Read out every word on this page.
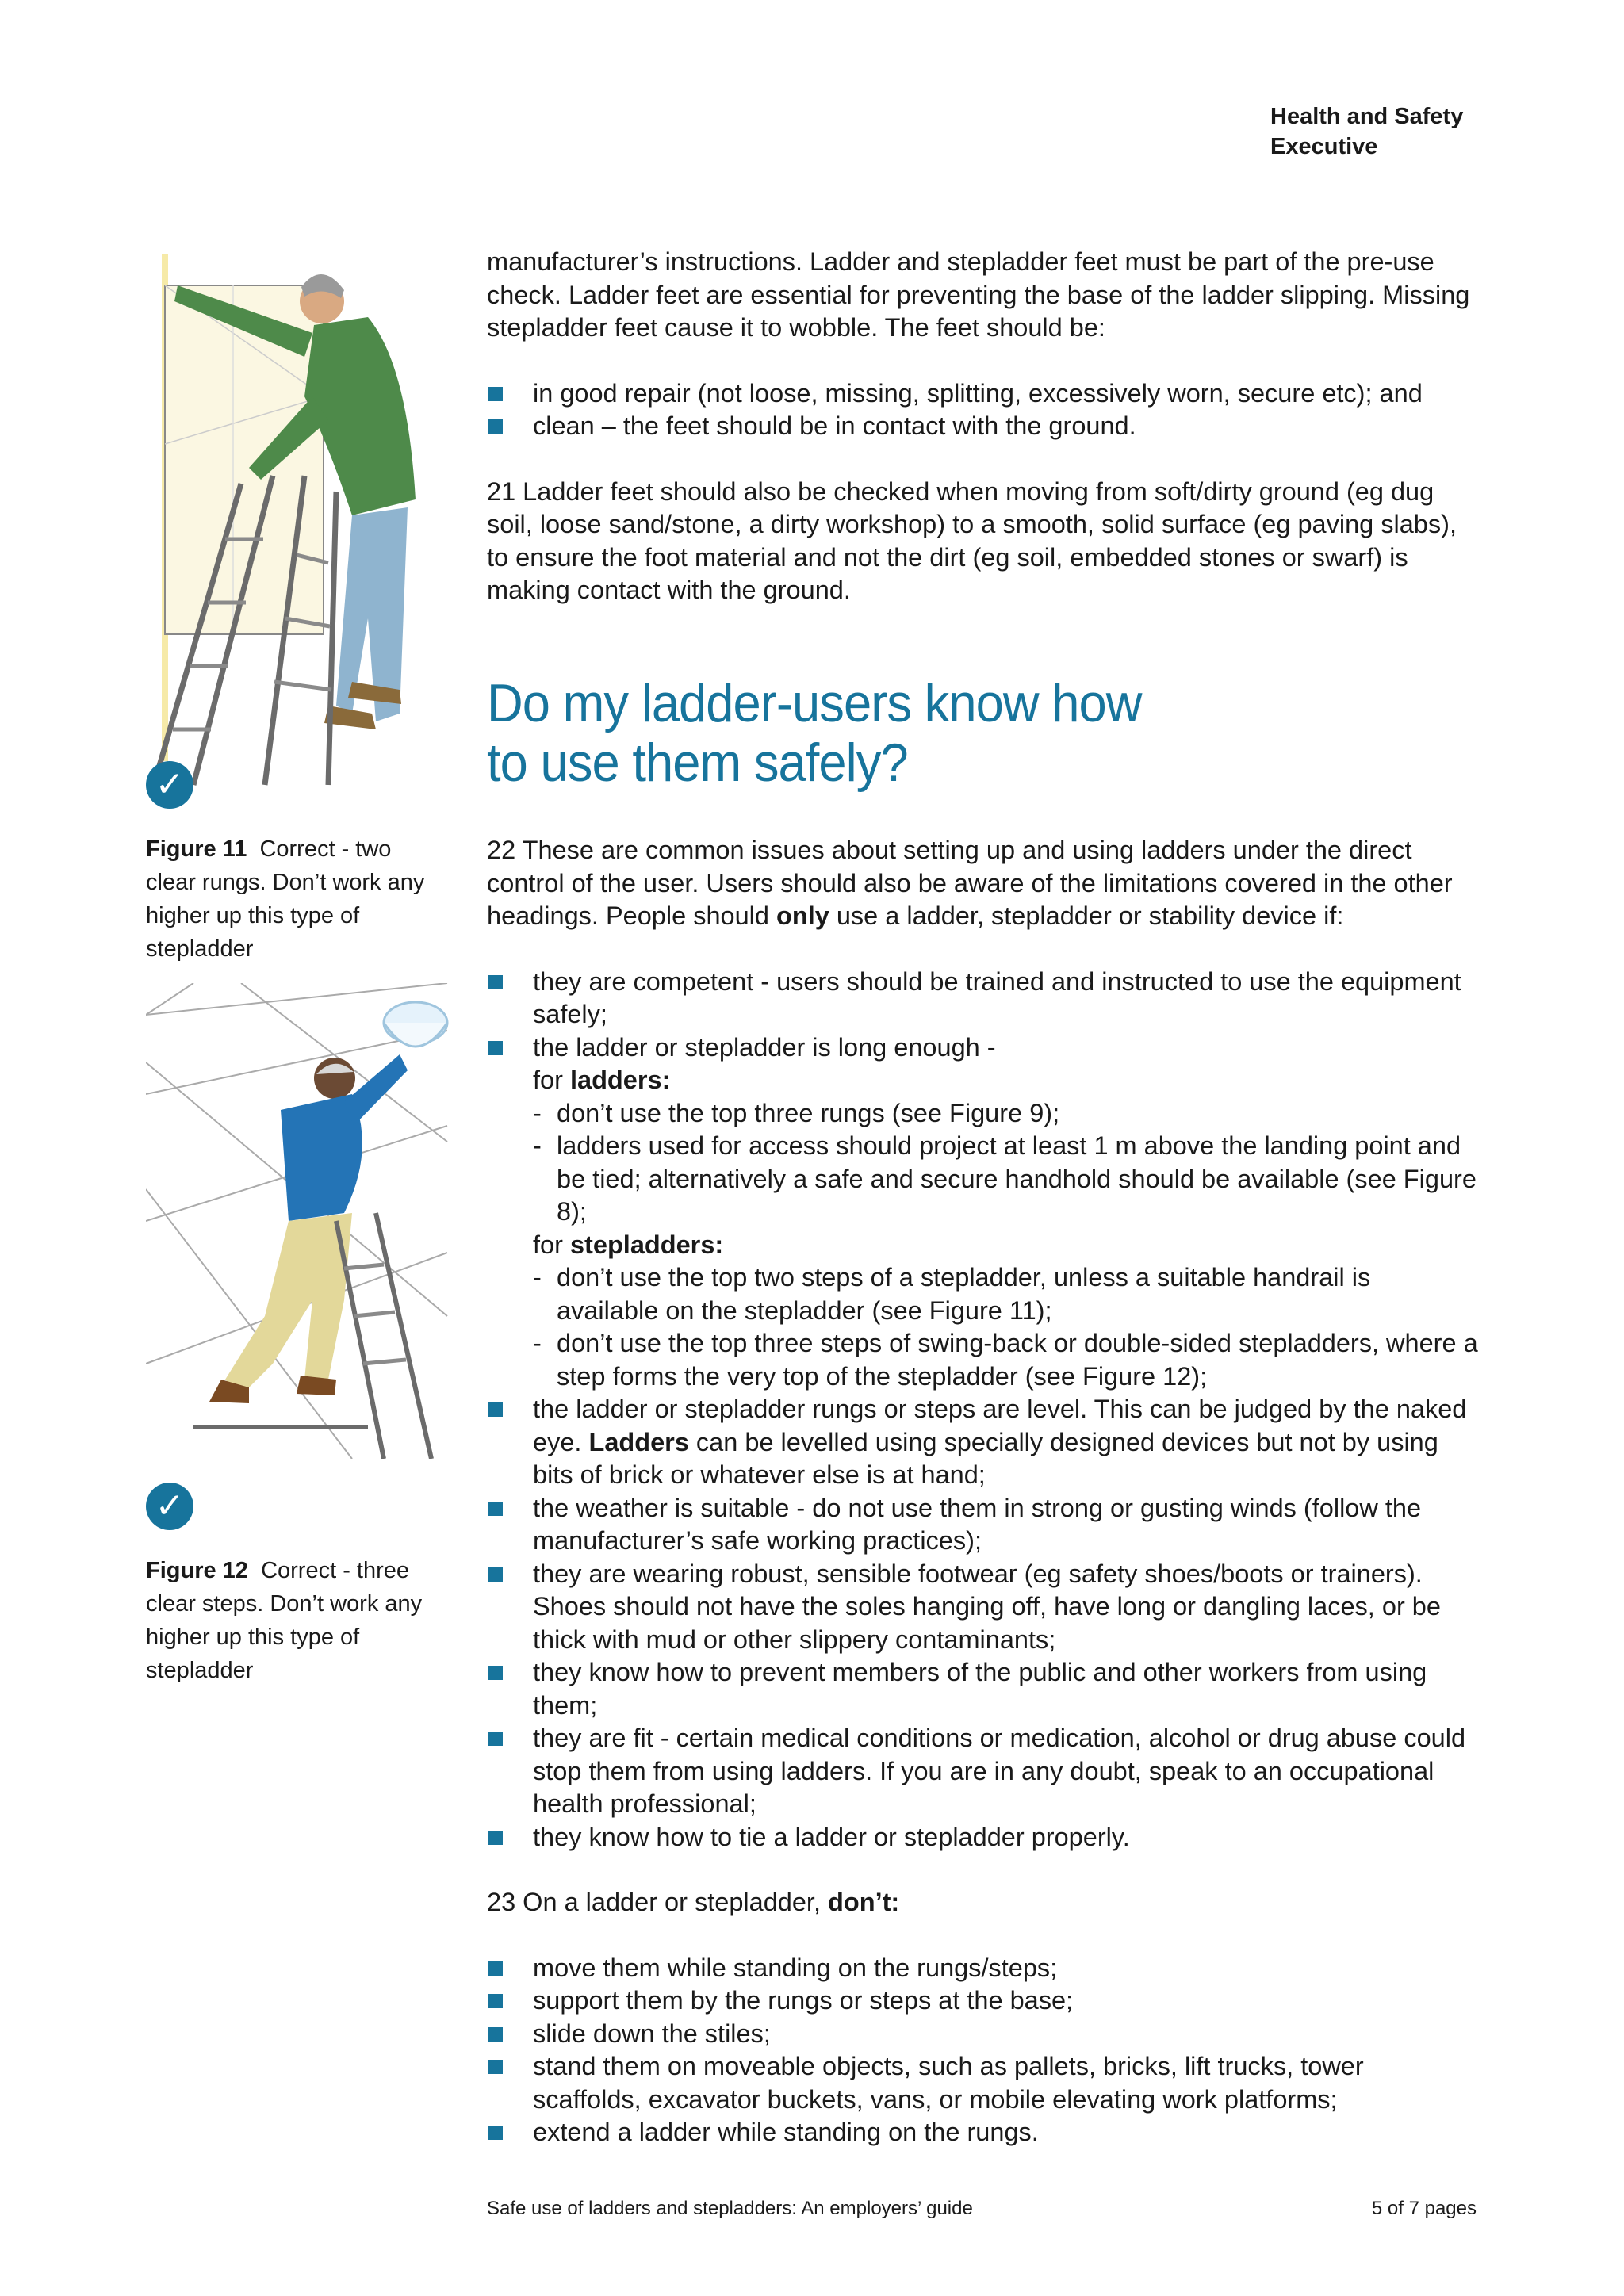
Health and Safety
Executive
✓
Figure 11 Correct - two clear rungs. Don’t work any higher up this type of stepladder
✓
Figure 12 Correct - three clear steps. Don’t work any higher up this type of stepladder

manufacturer’s instructions. Ladder and stepladder feet must be part of the pre-use check. Ladder feet are essential for preventing the base of the ladder slipping. Missing stepladder feet cause it to wobble. The feet should be:

in good repair (not loose, missing, splitting, excessively worn, secure etc); and
clean – the feet should be in contact with the ground.

21 Ladder feet should also be checked when moving from soft/dirty ground (eg dug soil, loose sand/stone, a dirty workshop) to a smooth, solid surface (eg paving slabs), to ensure the foot material and not the dirt (eg soil, embedded stones or swarf) is making contact with the ground.

Do my ladder-users know how
to use them safely?

22 These are common issues about setting up and using ladders under the direct control of the user. Users should also be aware of the limitations covered in the other headings. People should only use a ladder, stepladder or stability device if:

they are competent - users should be trained and instructed to use the equipment safely;
the ladder or stepladder is long enough -
for ladders:
- don’t use the top three rungs (see Figure 9);
- ladders used for access should project at least 1 m above the landing point and be tied; alternatively a safe and secure handhold should be available (see Figure 8);
for stepladders:
- don’t use the top two steps of a stepladder, unless a suitable handrail is available on the stepladder (see Figure 11);
- don’t use the top three steps of swing-back or double-sided stepladders, where a step forms the very top of the stepladder (see Figure 12);
the ladder or stepladder rungs or steps are level. This can be judged by the naked eye. Ladders can be levelled using specially designed devices but not by using bits of brick or whatever else is at hand;
the weather is suitable - do not use them in strong or gusting winds (follow the manufacturer’s safe working practices);
they are wearing robust, sensible footwear (eg safety shoes/boots or trainers). Shoes should not have the soles hanging off, have long or dangling laces, or be thick with mud or other slippery contaminants;
they know how to prevent members of the public and other workers from using them;
they are fit - certain medical conditions or medication, alcohol or drug abuse could stop them from using ladders. If you are in any doubt, speak to an occupational health professional;
they know how to tie a ladder or stepladder properly.

23 On a ladder or stepladder, don’t:

move them while standing on the rungs/steps;
support them by the rungs or steps at the base;
slide down the stiles;
stand them on moveable objects, such as pallets, bricks, lift trucks, tower scaffolds, excavator buckets, vans, or mobile elevating work platforms;
extend a ladder while standing on the rungs.
Safe use of ladders and stepladders: An employers’ guide	5 of 7 pages
